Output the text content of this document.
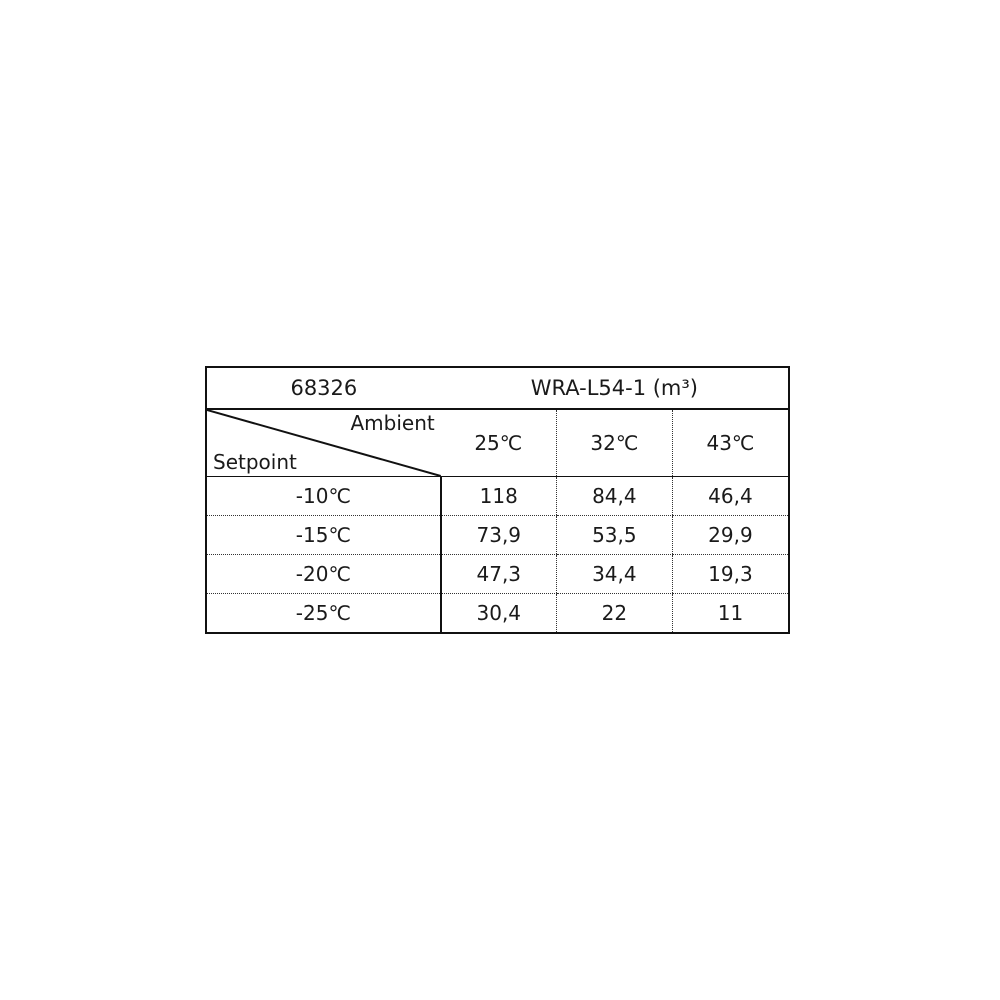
68326	WRA-L54-1 (m³)		

Ambient
Setpoint	25℃	32℃	43℃
-10℃	118	84,4	46,4
-15℃	73,9	53,5	29,9
-20℃	47,3	34,4	19,3
-25℃	30,4	22	11
